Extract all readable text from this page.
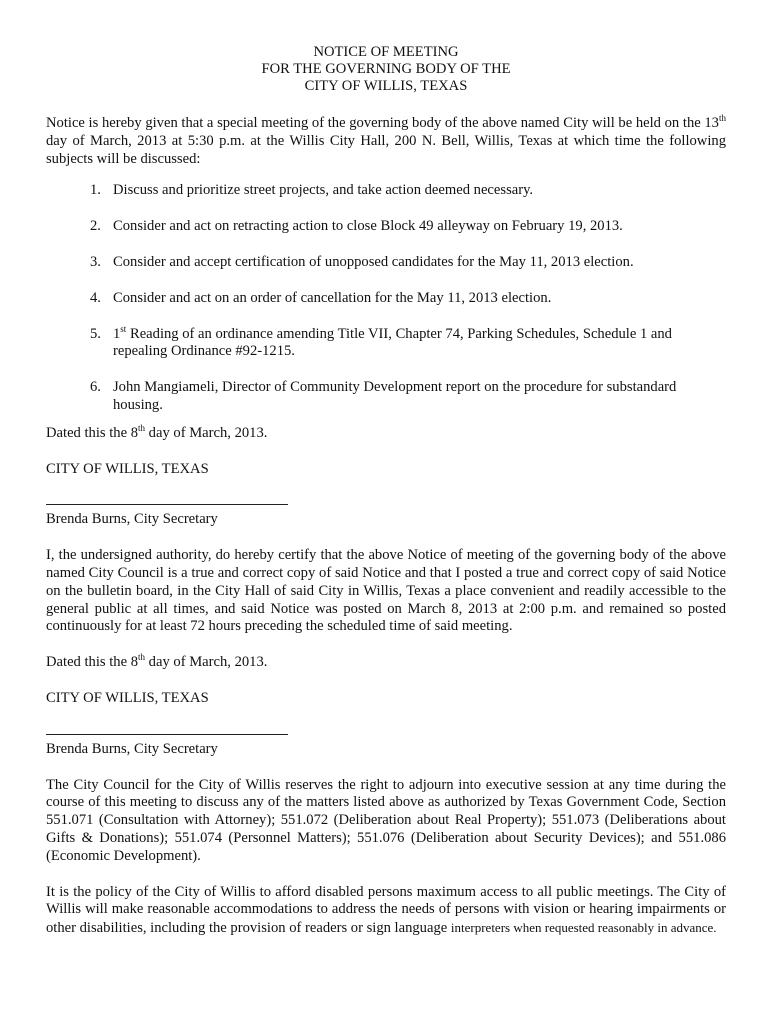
NOTICE OF MEETING
FOR THE GOVERNING BODY OF THE
CITY OF WILLIS, TEXAS

Notice is hereby given that a special meeting of the governing body of the above named City will be held on the 13th day of March, 2013 at 5:30 p.m. at the Willis City Hall, 200 N. Bell, Willis, Texas at which time the following subjects will be discussed:

1. Discuss and prioritize street projects, and take action deemed necessary.
2. Consider and act on retracting action to close Block 49 alleyway on February 19, 2013.
3. Consider and accept certification of unopposed candidates for the May 11, 2013 election.
4. Consider and act on an order of cancellation for the May 11, 2013 election.
5. 1st Reading of an ordinance amending Title VII, Chapter 74, Parking Schedules, Schedule 1 and repealing Ordinance #92-1215.
6. John Mangiameli, Director of Community Development report on the procedure for substandard housing.

Dated this the 8th day of March, 2013.

CITY OF WILLIS, TEXAS

Brenda Burns, City Secretary

I, the undersigned authority, do hereby certify that the above Notice of meeting of the governing body of the above named City Council is a true and correct copy of said Notice and that I posted a true and correct copy of said Notice on the bulletin board, in the City Hall of said City in Willis, Texas a place convenient and readily accessible to the general public at all times, and said Notice was posted on March 8, 2013 at 2:00 p.m. and remained so posted continuously for at least 72 hours preceding the scheduled time of said meeting.

Dated this the 8th day of March, 2013.

CITY OF WILLIS, TEXAS

Brenda Burns, City Secretary

The City Council for the City of Willis reserves the right to adjourn into executive session at any time during the course of this meeting to discuss any of the matters listed above as authorized by Texas Government Code, Section 551.071 (Consultation with Attorney); 551.072 (Deliberation about Real Property); 551.073 (Deliberations about Gifts & Donations); 551.074 (Personnel Matters); 551.076 (Deliberation about Security Devices); and 551.086 (Economic Development).

It is the policy of the City of Willis to afford disabled persons maximum access to all public meetings. The City of Willis will make reasonable accommodations to address the needs of persons with vision or hearing impairments or other disabilities, including the provision of readers or sign language interpreters when requested reasonably in advance.
